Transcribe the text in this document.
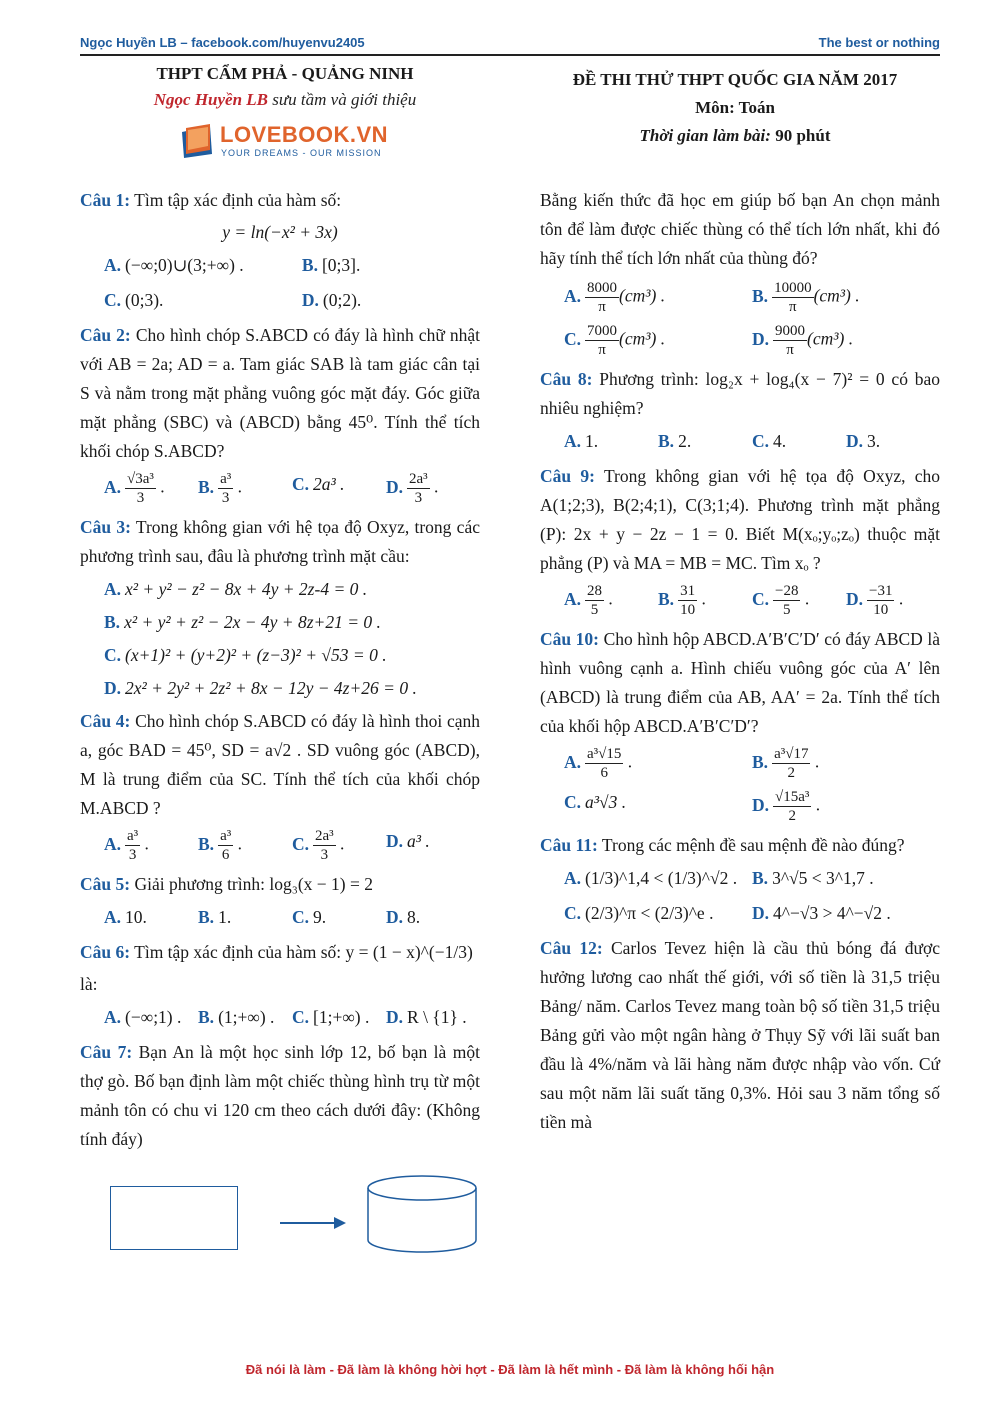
Ngọc Huyền LB – facebook.com/huyenvu2405	The best or nothing
THPT CẨM PHẢ - QUẢNG NINH
Ngọc Huyền LB sưu tầm và giới thiệu
LOVEBOOK.VN
YOUR DREAMS - OUR MISSION
ĐỀ THI THỬ THPT QUỐC GIA NĂM 2017
Môn: Toán
Thời gian làm bài: 90 phút
Câu 1: Tìm tập xác định của hàm số:
y = ln(−x² + 3x)
A. (−∞;0)∪(3;+∞) .	B. [0;3].
C. (0;3).	D. (0;2).
Câu 2: Cho hình chóp S.ABCD có đáy là hình chữ nhật với AB = 2a; AD = a. Tam giác SAB là tam giác cân tại S và nằm trong mặt phẳng vuông góc mặt đáy. Góc giữa mặt phẳng (SBC) và (ABCD) bằng 45⁰. Tính thể tích khối chóp S.ABCD?
A. $\frac{\text{√3a³}}{3}$ .	B. $\frac{\text{a³}}{3}$ .	C. 2a³ .	D. $\frac{\text{2a³}}{3}$ .
Câu 3: Trong không gian với hệ tọa độ Oxyz, trong các phương trình sau, đâu là phương trình mặt cầu:
A. x² + y² − z² − 8x + 4y + 2z-4 = 0 .
B. x² + y² + z² − 2x − 4y + 8z+21 = 0 .
C. (x+1)² + (y+2)² + (z−3)² + √53 = 0 .
D. 2x² + 2y² + 2z² + 8x − 12y − 4z+26 = 0 .
Câu 4: Cho hình chóp S.ABCD có đáy là hình thoi cạnh a, góc BAD = 45⁰, SD = a√2 . SD vuông góc (ABCD), M là trung điểm của SC. Tính thể tích của khối chóp M.ABCD ?
A. $\frac{\text{a³}}{3}$ .	B. $\frac{\text{a³}}{6}$ .	C. $\frac{\text{2a³}}{3}$ .	D. a³ .
Câu 5: Giải phương trình: log₃(x − 1) = 2
A. 10.	B. 1.	C. 9.	D. 8.
Câu 6: Tìm tập xác định của hàm số: y = (1 − x)^(−1/3)
là:
A. (−∞;1) . B. (1;+∞) .	C. [1;+∞) . D. R \ {1} .
Câu 7: Bạn An là một học sinh lớp 12, bố bạn là một thợ gò. Bố bạn định làm một chiếc thùng hình trụ từ một mảnh tôn có chu vi 120 cm theo cách dưới đây: (Không tính đáy)
Bằng kiến thức đã học em giúp bố bạn An chọn mảnh tôn để làm được chiếc thùng có thể tích lớn nhất, khi đó hãy tính thể tích lớn nhất của thùng đó?
A. $\frac{8000}{\pi} (cm^3)$ .	B. $\frac{10000}{\pi} (cm^3)$ .
C. $\frac{7000}{\pi} (cm^3)$ .	D. $\frac{9000}{\pi} (cm^3)$ .
Câu 8: Phương trình: log₂x + log₄(x − 7)² = 0 có bao nhiêu nghiệm?
A. 1.	B. 2.	C. 4.	D. 3.
Câu 9: Trong không gian với hệ tọa độ Oxyz, cho A(1;2;3), B(2;4;1), C(3;1;4). Phương trình mặt phẳng (P): 2x + y − 2z − 1 = 0. Biết M(xₒ;yₒ;zₒ) thuộc mặt phẳng (P) và MA = MB = MC. Tìm xₒ ?
A. $\frac{28}{5}$ .	B. $\frac{31}{10}$ .	C. $\frac{-28}{5}$ .	D. $\frac{-31}{10}$ .
Câu 10: Cho hình hộp ABCD.A′B′C′D′ có đáy ABCD là hình vuông cạnh a. Hình chiếu vuông góc của A′ lên (ABCD) là trung điểm của AB, AA′ = 2a. Tính thể tích của khối hộp ABCD.A′B′C′D′?
A. $\frac{\text{a³√15}}{6}$ .	B. $\frac{\text{a³√17}}{2}$ .
C. a³√3 .	D. $\frac{\text{√15a³}}{2}$ .
Câu 11: Trong các mệnh đề sau mệnh đề nào đúng?
A. (1/3)^1,4 < (1/3)^√2 . B. 3^√5 < 3^1,7 .
C. (2/3)^π < (2/3)^e .	D. 4^−√3 > 4^−√2 .
Câu 12: Carlos Tevez hiện là cầu thủ bóng đá được hưởng lương cao nhất thế giới, với số tiền là 31,5 triệu Bảng/ năm. Carlos Tevez mang toàn bộ số tiền 31,5 triệu Bảng gửi vào một ngân hàng ở Thụy Sỹ với lãi suất ban đầu là 4%/năm và lãi hàng năm được nhập vào vốn. Cứ sau một năm lãi suất tăng 0,3%. Hỏi sau 3 năm tổng số tiền mà
Đã nói là làm - Đã làm là không hời hợt - Đã làm là hết mình - Đã làm là không hối hận
